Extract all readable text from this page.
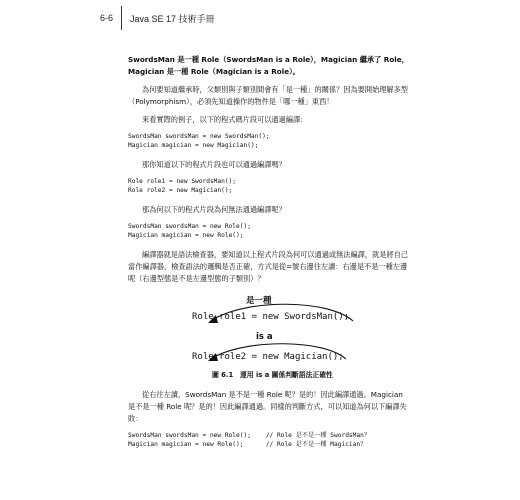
6-6 Java SE 17 技術手冊

SwordsMan 是一種 Role（SwordsMan is a Role），Magician 繼承了 Role，Magician 是一種 Role（Magician is a Role）。

為何要知道繼承時，父類別與子類別間會有「是一種」的關係？因為要開始理解多型（Polymorphism），必須先知道操作的物件是「哪一種」東西！

來看實際的例子，以下的程式碼片段可以通過編譯：

SwordsMan swordsMan = new SwordsMan();
Magician magician = new Magician();

那你知道以下的程式片段也可以通過編譯嗎？

Role role1 = new SwordsMan();
Role role2 = new Magician();

那為何以下的程式片段為何無法通過編譯呢？

SwordsMan swordsMan = new Role();
Magician magician = new Role();

編譯器就是語法檢查器，要知道以上程式片段為何可以通過或無法編譯，就是將自己當作編譯器，檢查語法的邏輯是否正確，方式是從=號右邊往左讀：右邊是不是一種左邊呢（右邊型態是不是左邊型態的子類別）？

是一種
Role role1 = new SwordsMan();
is a
Role role2 = new Magician();
圖 6.1　運用 is a 關係判斷語法正確性

從右往左讀，SwordsMan 是不是一種 Role 呢？是的！因此編譯通過。Magician 是不是一種 Role 呢？是的！因此編譯通過。同樣的判斷方式，可以知道為何以下編譯失敗：

SwordsMan swordsMan = new Role();    // Role 是不是一種 SwordsMan？
Magician magician = new Role();      // Role 是不是一種 Magician？
